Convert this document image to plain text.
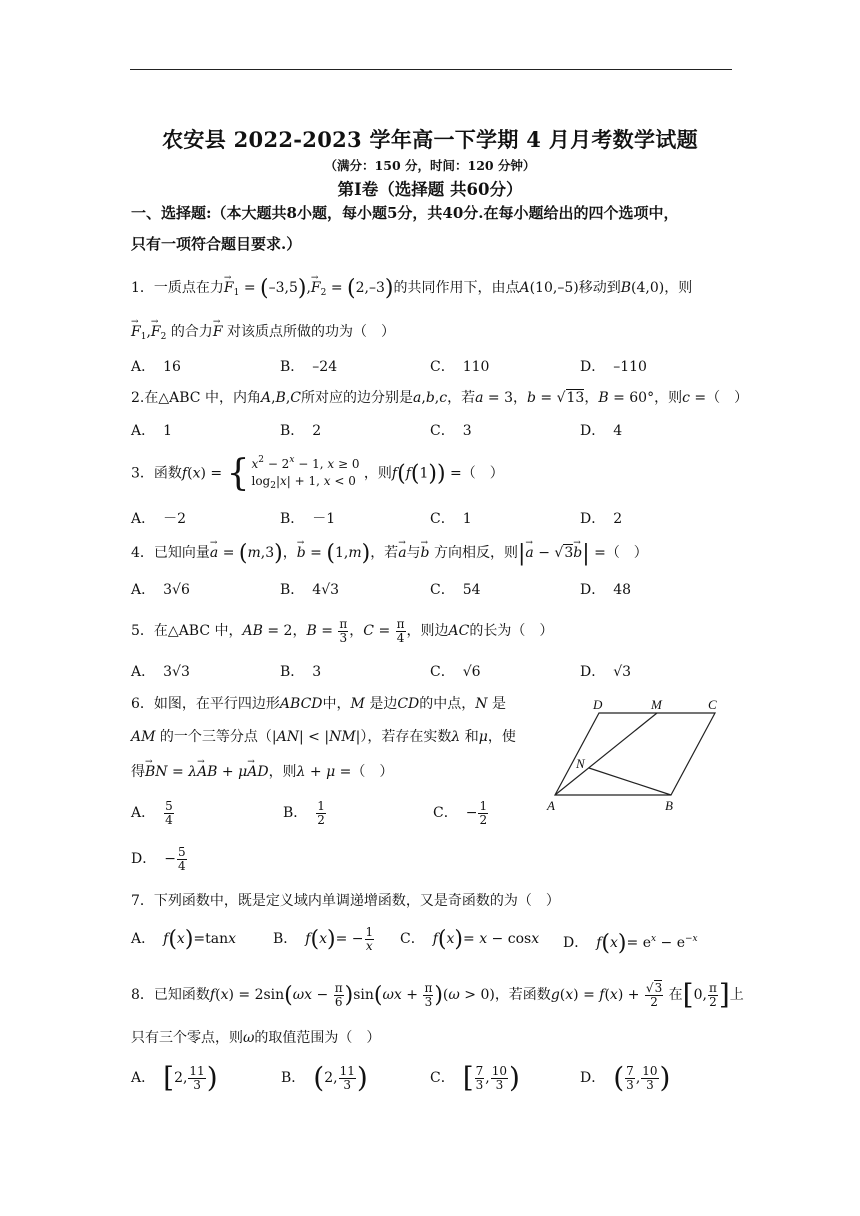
农安县 2022-2023 学年高一下学期 4 月月考数学试题
（满分：150 分，时间：120 分钟）
第Ⅰ卷（选择题 共60分）
一、选择题:（本大题共8小题，每小题5分，共40分.在每小题给出的四个选项中，
只有一项符合题目要求.）
1．一质点在力→ $F_1 = (-3,5),\to F_2 = (2,-3)$的共同作用下，由点A(10,–5)移动到B(4,0)，则
→ $F_1,\to F_2$ 的合力→ F 对该质点所做的功为（　）
A． 16	B． –24	C． 110	D． –110
2.在△ABC 中，内角A,B,C所对应的边分别是a,b,c，若a = 3，b = √13，B = 60°，则c =（　）
A． 1	B． 2	C． 3	D． 4
3．函数f(x) = { $x^2 - 2^x - 1$, x ≥ 0
$\log_2|x| + 1$, x < 0 ，则f(f(1)) =（　）
A． －2	B． －1	C． 1	D． 2
4．已知向量→ a = (m,3)，→ b = (1,m)，若→ a与→ b 方向相反，则|→ a − √3→ b| =（　）
A． 3√6	B． 4√3	C． 54	D． 48
5．在△ABC 中，AB = 2，$B = \frac{\pi}{3}$ ，$C = \frac{\pi}{4}$ ，则边AC的长为（　）
A． 3√3	B． 3	C． √6	D． √3
6．如图，在平行四边形ABCD中，M 是边CD的中点，N 是
AM 的一个三等分点（|AN| < |NM|），若存在实数λ 和μ，使
得→ BN = λ→ AB + μ→ AD，则λ + μ =（　）
D	M	C
N
A	B
A． $\frac{5}{4}$	B． $\frac{1}{2}$	C． − $\frac{1}{2}$
D． − $\frac{5}{4}$
7．下列函数中，既是定义域内单调递增函数，又是奇函数的为（　）
A． f(x)=tanx	B． $f(x)= - \frac{1}{x}$ C． f(x)= x − cosx D． $f(x)= e^x - e^{-x}$
8．已知函数$f(x) = 2\sin(\omega x - \frac{\pi}{6} )\sin(\omega x + \frac{\pi}{3} )(\omega > 0)$，若函数$g(x) = f(x) + \frac{√3}{2}$ 在[0, $\frac{\pi}{2}$ ]上
只有三个零点，则ω的取值范围为（　）
A． [2, $\frac{11}{3}$ )	B． (2, $\frac{11}{3}$ )	C． [ $\frac{7}{3}$ , $\frac{10}{3}$ )	D． ( $\frac{7}{3}$ , $\frac{10}{3}$ )
